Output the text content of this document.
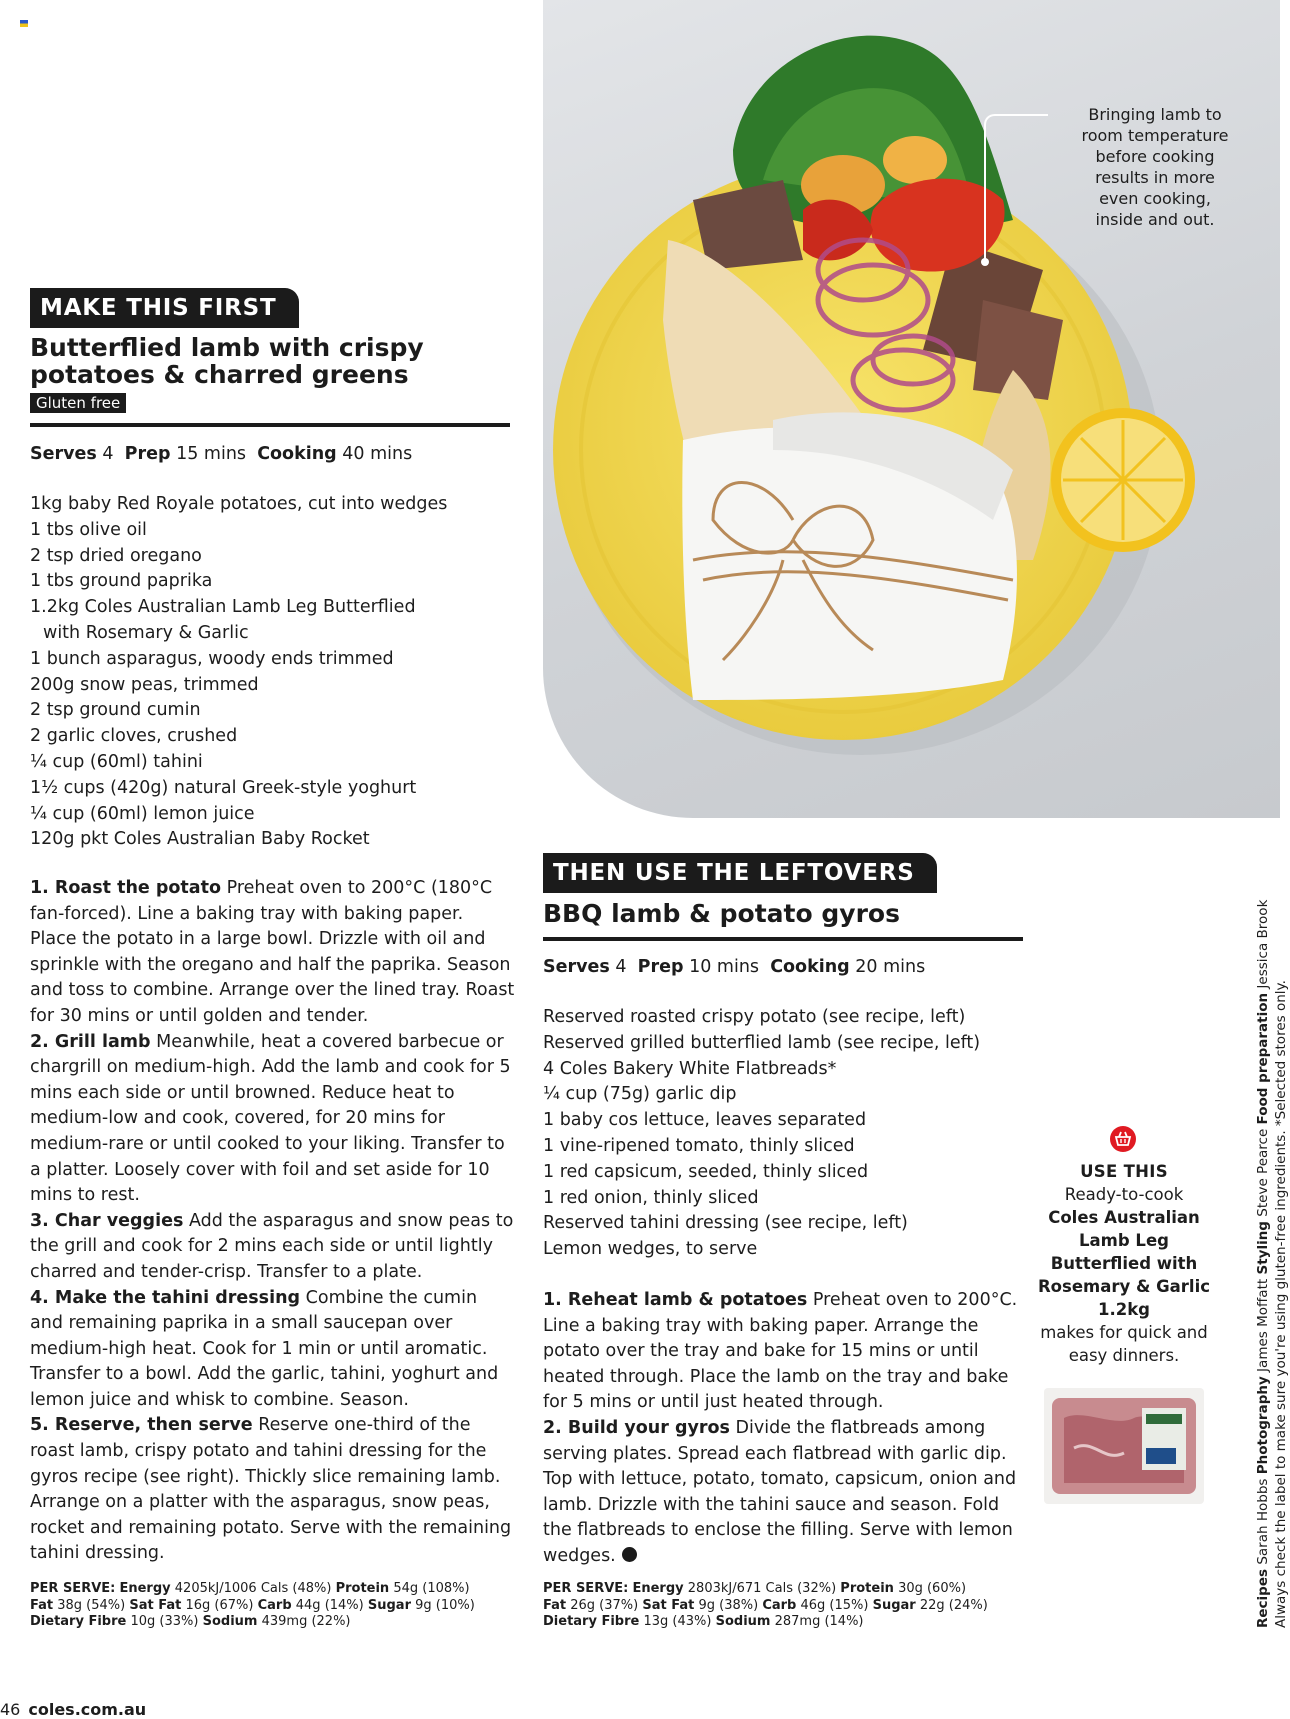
Bringing lamb to room temperature before cooking results in more even cooking, inside and out.
MAKE THIS FIRST
Butterflied lamb with crispy
potatoes & charred greens
Gluten free
Serves 4 Prep 15 mins Cooking 40 mins
1kg baby Red Royale potatoes, cut into wedges
1 tbs olive oil
2 tsp dried oregano
1 tbs ground paprika
1.2kg Coles Australian Lamb Leg Butterflied
with Rosemary & Garlic
1 bunch asparagus, woody ends trimmed
200g snow peas, trimmed
2 tsp ground cumin
2 garlic cloves, crushed
¼ cup (60ml) tahini
1½ cups (420g) natural Greek-style yoghurt
¼ cup (60ml) lemon juice
120g pkt Coles Australian Baby Rocket

1. Roast the potato Preheat oven to 200°C (180°C fan-forced). Line a baking tray with baking paper. Place the potato in a large bowl. Drizzle with oil and sprinkle with the oregano and half the paprika. Season and toss to combine. Arrange over the lined tray. Roast for 30 mins or until golden and tender.

2. Grill lamb Meanwhile, heat a covered barbecue or chargrill on medium-high. Add the lamb and cook for 5 mins each side or until browned. Reduce heat to medium-low and cook, covered, for 20 mins for medium-rare or until cooked to your liking. Transfer to a platter. Loosely cover with foil and set aside for 10 mins to rest.

3. Char veggies Add the asparagus and snow peas to the grill and cook for 2 mins each side or until lightly charred and tender-crisp. Transfer to a plate.

4. Make the tahini dressing Combine the cumin and remaining paprika in a small saucepan over medium-high heat. Cook for 1 min or until aromatic. Transfer to a bowl. Add the garlic, tahini, yoghurt and lemon juice and whisk to combine. Season.

5. Reserve, then serve Reserve one-third of the roast lamb, crispy potato and tahini dressing for the gyros recipe (see right). Thickly slice remaining lamb. Arrange on a platter with the asparagus, snow peas, rocket and remaining potato. Serve with the remaining tahini dressing.

PER SERVE: Energy 4205kJ/1006 Cals (48%) Protein 54g (108%)
Fat 38g (54%) Sat Fat 16g (67%) Carb 44g (14%) Sugar 9g (10%)
Dietary Fibre 10g (33%) Sodium 439mg (22%)
THEN USE THE LEFTOVERS
BBQ lamb & potato gyros
Serves 4 Prep 10 mins Cooking 20 mins
Reserved roasted crispy potato (see recipe, left)
Reserved grilled butterflied lamb (see recipe, left)
4 Coles Bakery White Flatbreads*
¼ cup (75g) garlic dip
1 baby cos lettuce, leaves separated
1 vine-ripened tomato, thinly sliced
1 red capsicum, seeded, thinly sliced
1 red onion, thinly sliced
Reserved tahini dressing (see recipe, left)
Lemon wedges, to serve

1. Reheat lamb & potatoes Preheat oven to 200°C. Line a baking tray with baking paper. Arrange the potato over the tray and bake for 15 mins or until heated through. Place the lamb on the tray and bake for 5 mins or until just heated through.

2. Build your gyros Divide the flatbreads among serving plates. Spread each flatbread with garlic dip. Top with lettuce, potato, tomato, capsicum, onion and lamb. Drizzle with the tahini sauce and season. Fold the flatbreads to enclose the filling. Serve with lemon wedges.

PER SERVE: Energy 2803kJ/671 Cals (32%) Protein 30g (60%)
Fat 26g (37%) Sat Fat 9g (38%) Carb 46g (15%) Sugar 22g (24%)
Dietary Fibre 13g (43%) Sodium 287mg (14%)
USE THIS
Ready-to-cook
Coles Australian Lamb Leg Butterflied with Rosemary & Garlic 1.2kg
makes for quick and easy dinners.
Recipes Sarah Hobbs Photography James Moffatt Styling Steve Pearce Food preparation Jessica Brook
Always check the label to make sure you're using gluten-free ingredients. *Selected stores only.
46 coles.com.au
